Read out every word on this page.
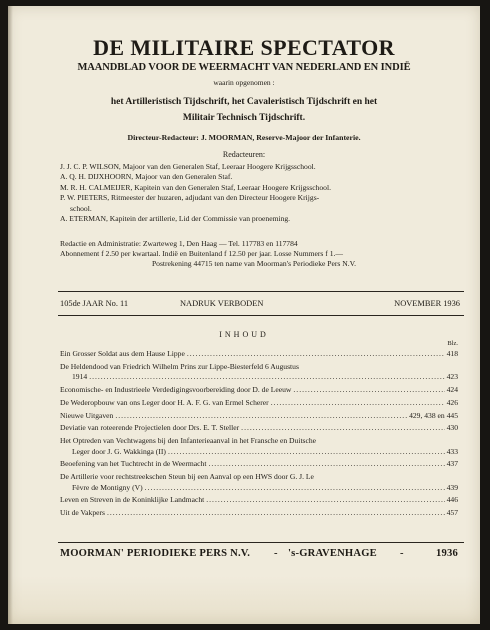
DE MILITAIRE SPECTATOR
MAANDBLAD VOOR DE WEERMACHT VAN NEDERLAND EN INDIË
waarin opgenomen :
het Artilleristisch Tijdschrift, het Cavaleristisch Tijdschrift en het
Militair Technisch Tijdschrift.
Directeur-Redacteur: J. MOORMAN, Reserve-Majoor der Infanterie.
Redacteuren:
J. J. C. P. WILSON, Majoor van den Generalen Staf, Leeraar Hoogere Krijgsschool.
A. Q. H. DIJXHOORN, Majoor van den Generalen Staf.
M. R. H. CALMEIJER, Kapitein van den Generalen Staf, Leeraar Hoogere Krijgsschool.
P. W. PIETERS, Ritmeester der huzaren, adjudant van den Directeur Hoogere Krijgs-
school.
A. ETERMAN, Kapitein der artillerie, Lid der Commissie van proeneming.
Redactie en Administratie: Zwarteweg 1, Den Haag — Tel. 117783 en 117784
Abonnement f 2.50 per kwartaal. Indië en Buitenland f 12.50 per jaar. Losse Nummers f 1.—
Postrekening 44715 ten name van Moorman's Periodieke Pers N.V.
105de JAAR No. 11	NADRUK VERBODEN	NOVEMBER 1936
INHOUD
Blz.
Ein Grosser Soldat aus dem Hause Lippe .....	418
De Heldendood van Friedrich Wilhelm Prins zur Lippe-Biesterfeld 6 Augustus
1914 .....	423
Economische- en Industrieele Verdedigingsvoorbereiding door D. de Leeuw .....	424
De Wederopbouw van ons Leger door H. A. F. G. van Ermel Scherer .....	426
Nieuwe Uitgaven .....	429, 438 en 445
Deviatie van roteerende Projectielen door Drs. E. T. Steller .....	430
Het Optreden van Vechtwagens bij den Infanterieaanval in het Fransche en Duitsche
Leger door J. G. Wakkinga (II) .....	433
Beoefening van het Tuchtrecht in de Weermacht .....	437
De Artillerie voor rechtstreekschen Steun bij een Aanval op een HWS door G. J. Le
Fèvre de Montigny (V) .....	439
Leven en Streven in de Koninklijke Landmacht .....	446
Uit de Vakpers .....	457
MOORMAN' PERIODIEKE PERS N.V. - 's-GRAVENHAGE -	1936
